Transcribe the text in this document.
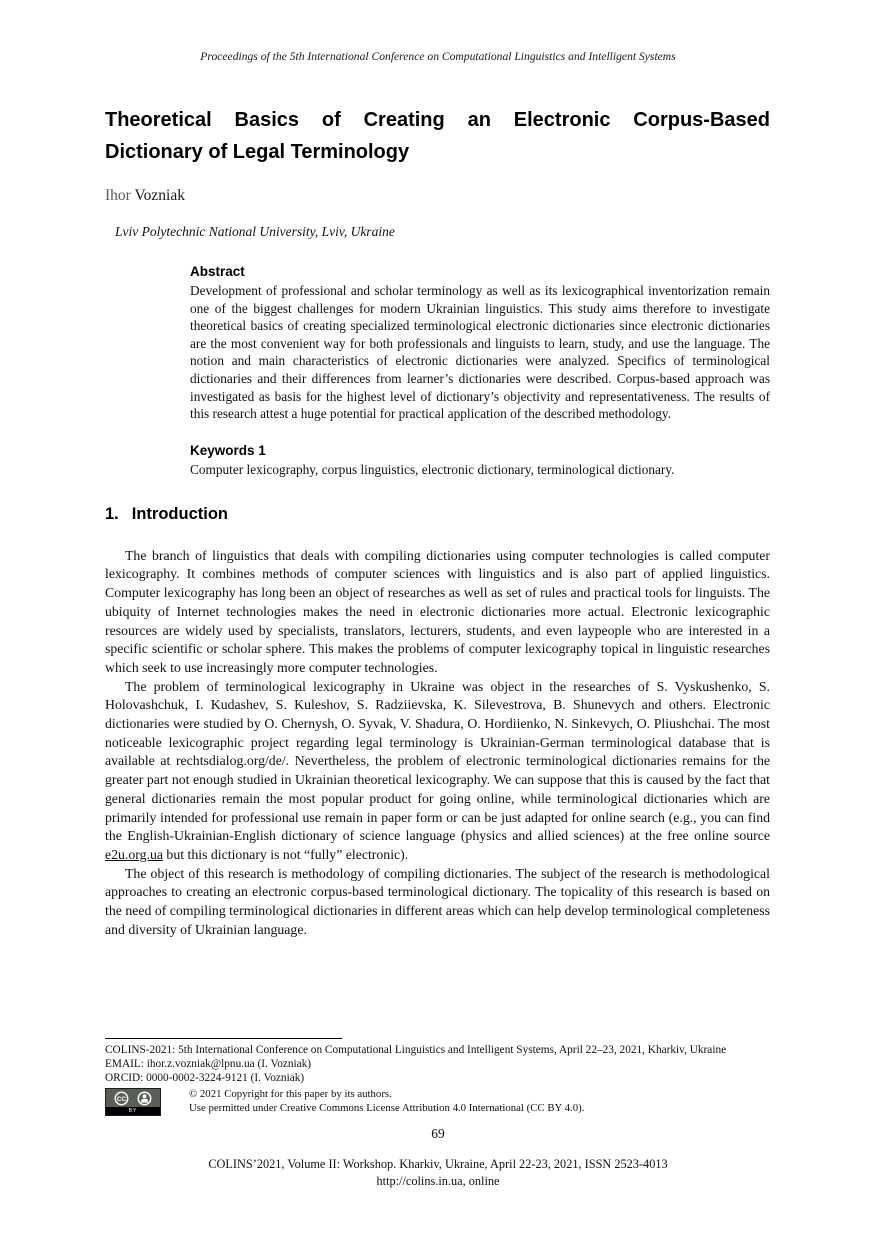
Proceedings of the 5th International Conference on Computational Linguistics and Intelligent Systems
Theoretical Basics of Creating an Electronic Corpus-Based
Dictionary of Legal Terminology
Ihor Vozniak
Lviv Polytechnic National University, Lviv, Ukraine
Abstract
Development of professional and scholar terminology as well as its lexicographical inventorization remain one of the biggest challenges for modern Ukrainian linguistics. This study aims therefore to investigate theoretical basics of creating specialized terminological electronic dictionaries since electronic dictionaries are the most convenient way for both professionals and linguists to learn, study, and use the language. The notion and main characteristics of electronic dictionaries were analyzed. Specifics of terminological dictionaries and their differences from learner’s dictionaries were described. Corpus-based approach was investigated as basis for the highest level of dictionary’s objectivity and representativeness. The results of this research attest a huge potential for practical application of the described methodology.
Keywords 1
Computer lexicography, corpus linguistics, electronic dictionary, terminological dictionary.
1. Introduction

The branch of linguistics that deals with compiling dictionaries using computer technologies is called computer lexicography. It combines methods of computer sciences with linguistics and is also part of applied linguistics. Computer lexicography has long been an object of researches as well as set of rules and practical tools for linguists. The ubiquity of Internet technologies makes the need in electronic dictionaries more actual. Electronic lexicographic resources are widely used by specialists, translators, lecturers, students, and even laypeople who are interested in a specific scientific or scholar sphere. This makes the problems of computer lexicography topical in linguistic researches which seek to use increasingly more computer technologies.

The problem of terminological lexicography in Ukraine was object in the researches of S. Vyskushenko, S. Holovashchuk, I. Kudashev, S. Kuleshov, S. Radziievska, K. Silevestrova, B. Shunevych and others. Electronic dictionaries were studied by O. Chernysh, O. Syvak, V. Shadura, O. Hordiienko, N. Sinkevych, O. Pliushchai. The most noticeable lexicographic project regarding legal terminology is Ukrainian-German terminological database that is available at rechtsdialog.org/de/. Nevertheless, the problem of electronic terminological dictionaries remains for the greater part not enough studied in Ukrainian theoretical lexicography. We can suppose that this is caused by the fact that general dictionaries remain the most popular product for going online, while terminological dictionaries which are primarily intended for professional use remain in paper form or can be just adapted for online search (e.g., you can find the English-Ukrainian-English dictionary of science language (physics and allied sciences) at the free online source e2u.org.ua but this dictionary is not “fully” electronic).

The object of this research is methodology of compiling dictionaries. The subject of the research is methodological approaches to creating an electronic corpus-based terminological dictionary. The topicality of this research is based on the need of compiling terminological dictionaries in different areas which can help develop terminological completeness and diversity of Ukrainian language.

COLINS-2021: 5th International Conference on Computational Linguistics and Intelligent Systems, April 22–23, 2021, Kharkiv, Ukraine
EMAIL: ihor.z.vozniak@lpnu.ua (I. Vozniak)
ORCID: 0000-0002-3224-9121 (I. Vozniak)
CC
BY
© 2021 Copyright for this paper by its authors.
Use permitted under Creative Commons License Attribution 4.0 International (CC BY 4.0).
69
COLINS’2021, Volume II: Workshop. Kharkiv, Ukraine, April 22-23, 2021, ISSN 2523-4013
http://colins.in.ua, online
